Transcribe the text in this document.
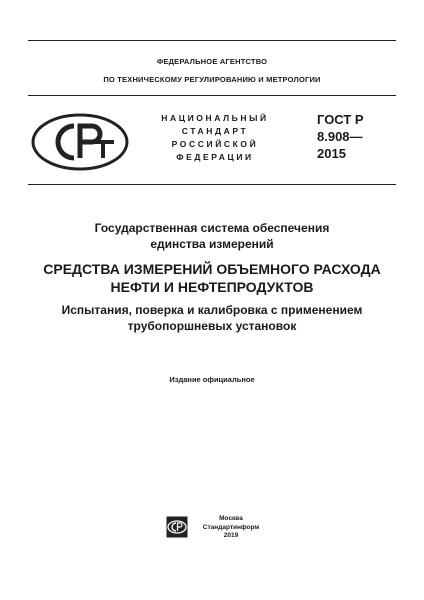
ФЕДЕРАЛЬНОЕ АГЕНТСТВО
ПО ТЕХНИЧЕСКОМУ РЕГУЛИРОВАНИЮ И МЕТРОЛОГИИ
НАЦИОНАЛЬНЫЙ
СТАНДАРТ
РОССИЙСКОЙ
ФЕДЕРАЦИИ
ГОСТ Р
8.908—
2015
Государственная система обеспечения
единства измерений
СРЕДСТВА ИЗМЕРЕНИЙ ОБЪЕМНОГО РАСХОДА
НЕФТИ И НЕФТЕПРОДУКТОВ
Испытания, поверка и калибровка с применением
трубопоршневых установок
Издание официальное
Москва
Стандартинформ
2019
